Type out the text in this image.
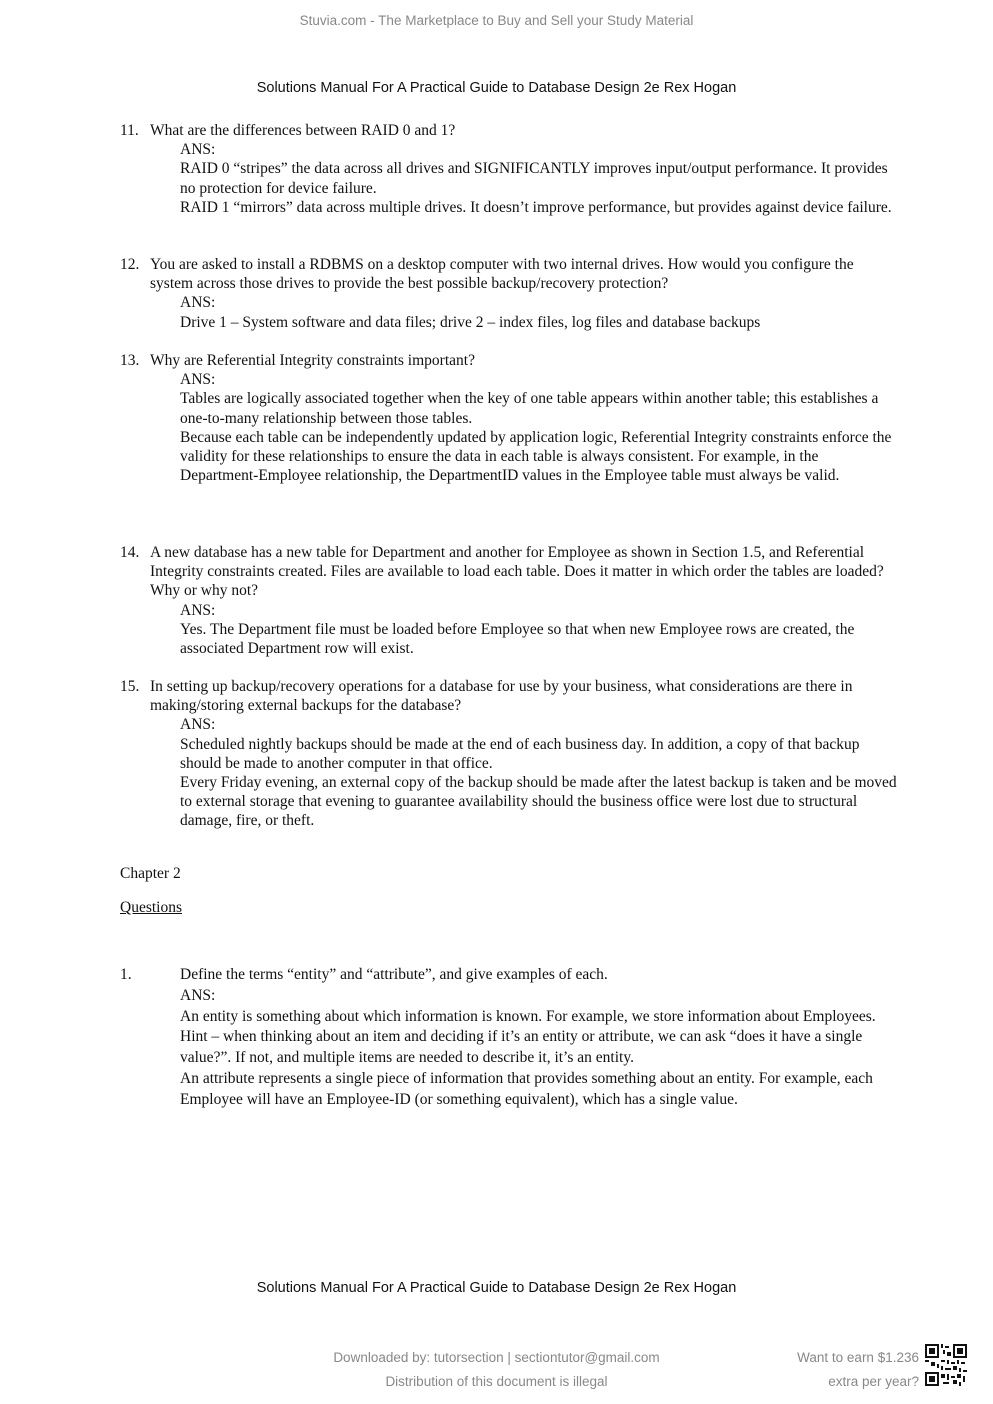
Stuvia.com - The Marketplace to Buy and Sell your Study Material
Solutions Manual For A Practical Guide to Database Design 2e Rex Hogan
11. What are the differences between RAID 0 and 1?
ANS:
RAID 0 “stripes” the data across all drives and SIGNIFICANTLY improves input/output performance. It provides no protection for device failure.
RAID 1 “mirrors” data across multiple drives. It doesn’t improve performance, but provides against device failure.
12. You are asked to install a RDBMS on a desktop computer with two internal drives. How would you configure the system across those drives to provide the best possible backup/recovery protection?
ANS:
Drive 1 – System software and data files; drive 2 – index files, log files and database backups
13. Why are Referential Integrity constraints important?
ANS:
Tables are logically associated together when the key of one table appears within another table; this establishes a one-to-many relationship between those tables.
Because each table can be independently updated by application logic, Referential Integrity constraints enforce the validity for these relationships to ensure the data in each table is always consistent. For example, in the Department-Employee relationship, the DepartmentID values in the Employee table must always be valid.
14. A new database has a new table for Department and another for Employee as shown in Section 1.5, and Referential Integrity constraints created. Files are available to load each table. Does it matter in which order the tables are loaded? Why or why not?
ANS:
Yes. The Department file must be loaded before Employee so that when new Employee rows are created, the associated Department row will exist.
15. In setting up backup/recovery operations for a database for use by your business, what considerations are there in making/storing external backups for the database?
ANS:
Scheduled nightly backups should be made at the end of each business day. In addition, a copy of that backup should be made to another computer in that office.
Every Friday evening, an external copy of the backup should be made after the latest backup is taken and be moved to external storage that evening to guarantee availability should the business office were lost due to structural damage, fire, or theft.
Chapter 2
Questions
1.	Define the terms “entity” and “attribute”, and give examples of each.
ANS:
An entity is something about which information is known. For example, we store information about Employees.
Hint – when thinking about an item and deciding if it’s an entity or attribute, we can ask “does it have a single value?”. If not, and multiple items are needed to describe it, it’s an entity.
An attribute represents a single piece of information that provides something about an entity. For example, each Employee will have an Employee-ID (or something equivalent), which has a single value.
Solutions Manual For A Practical Guide to Database Design 2e Rex Hogan
Downloaded by: tutorsection | sectiontutor@gmail.com
Distribution of this document is illegal
Want to earn $1.236
extra per year?
